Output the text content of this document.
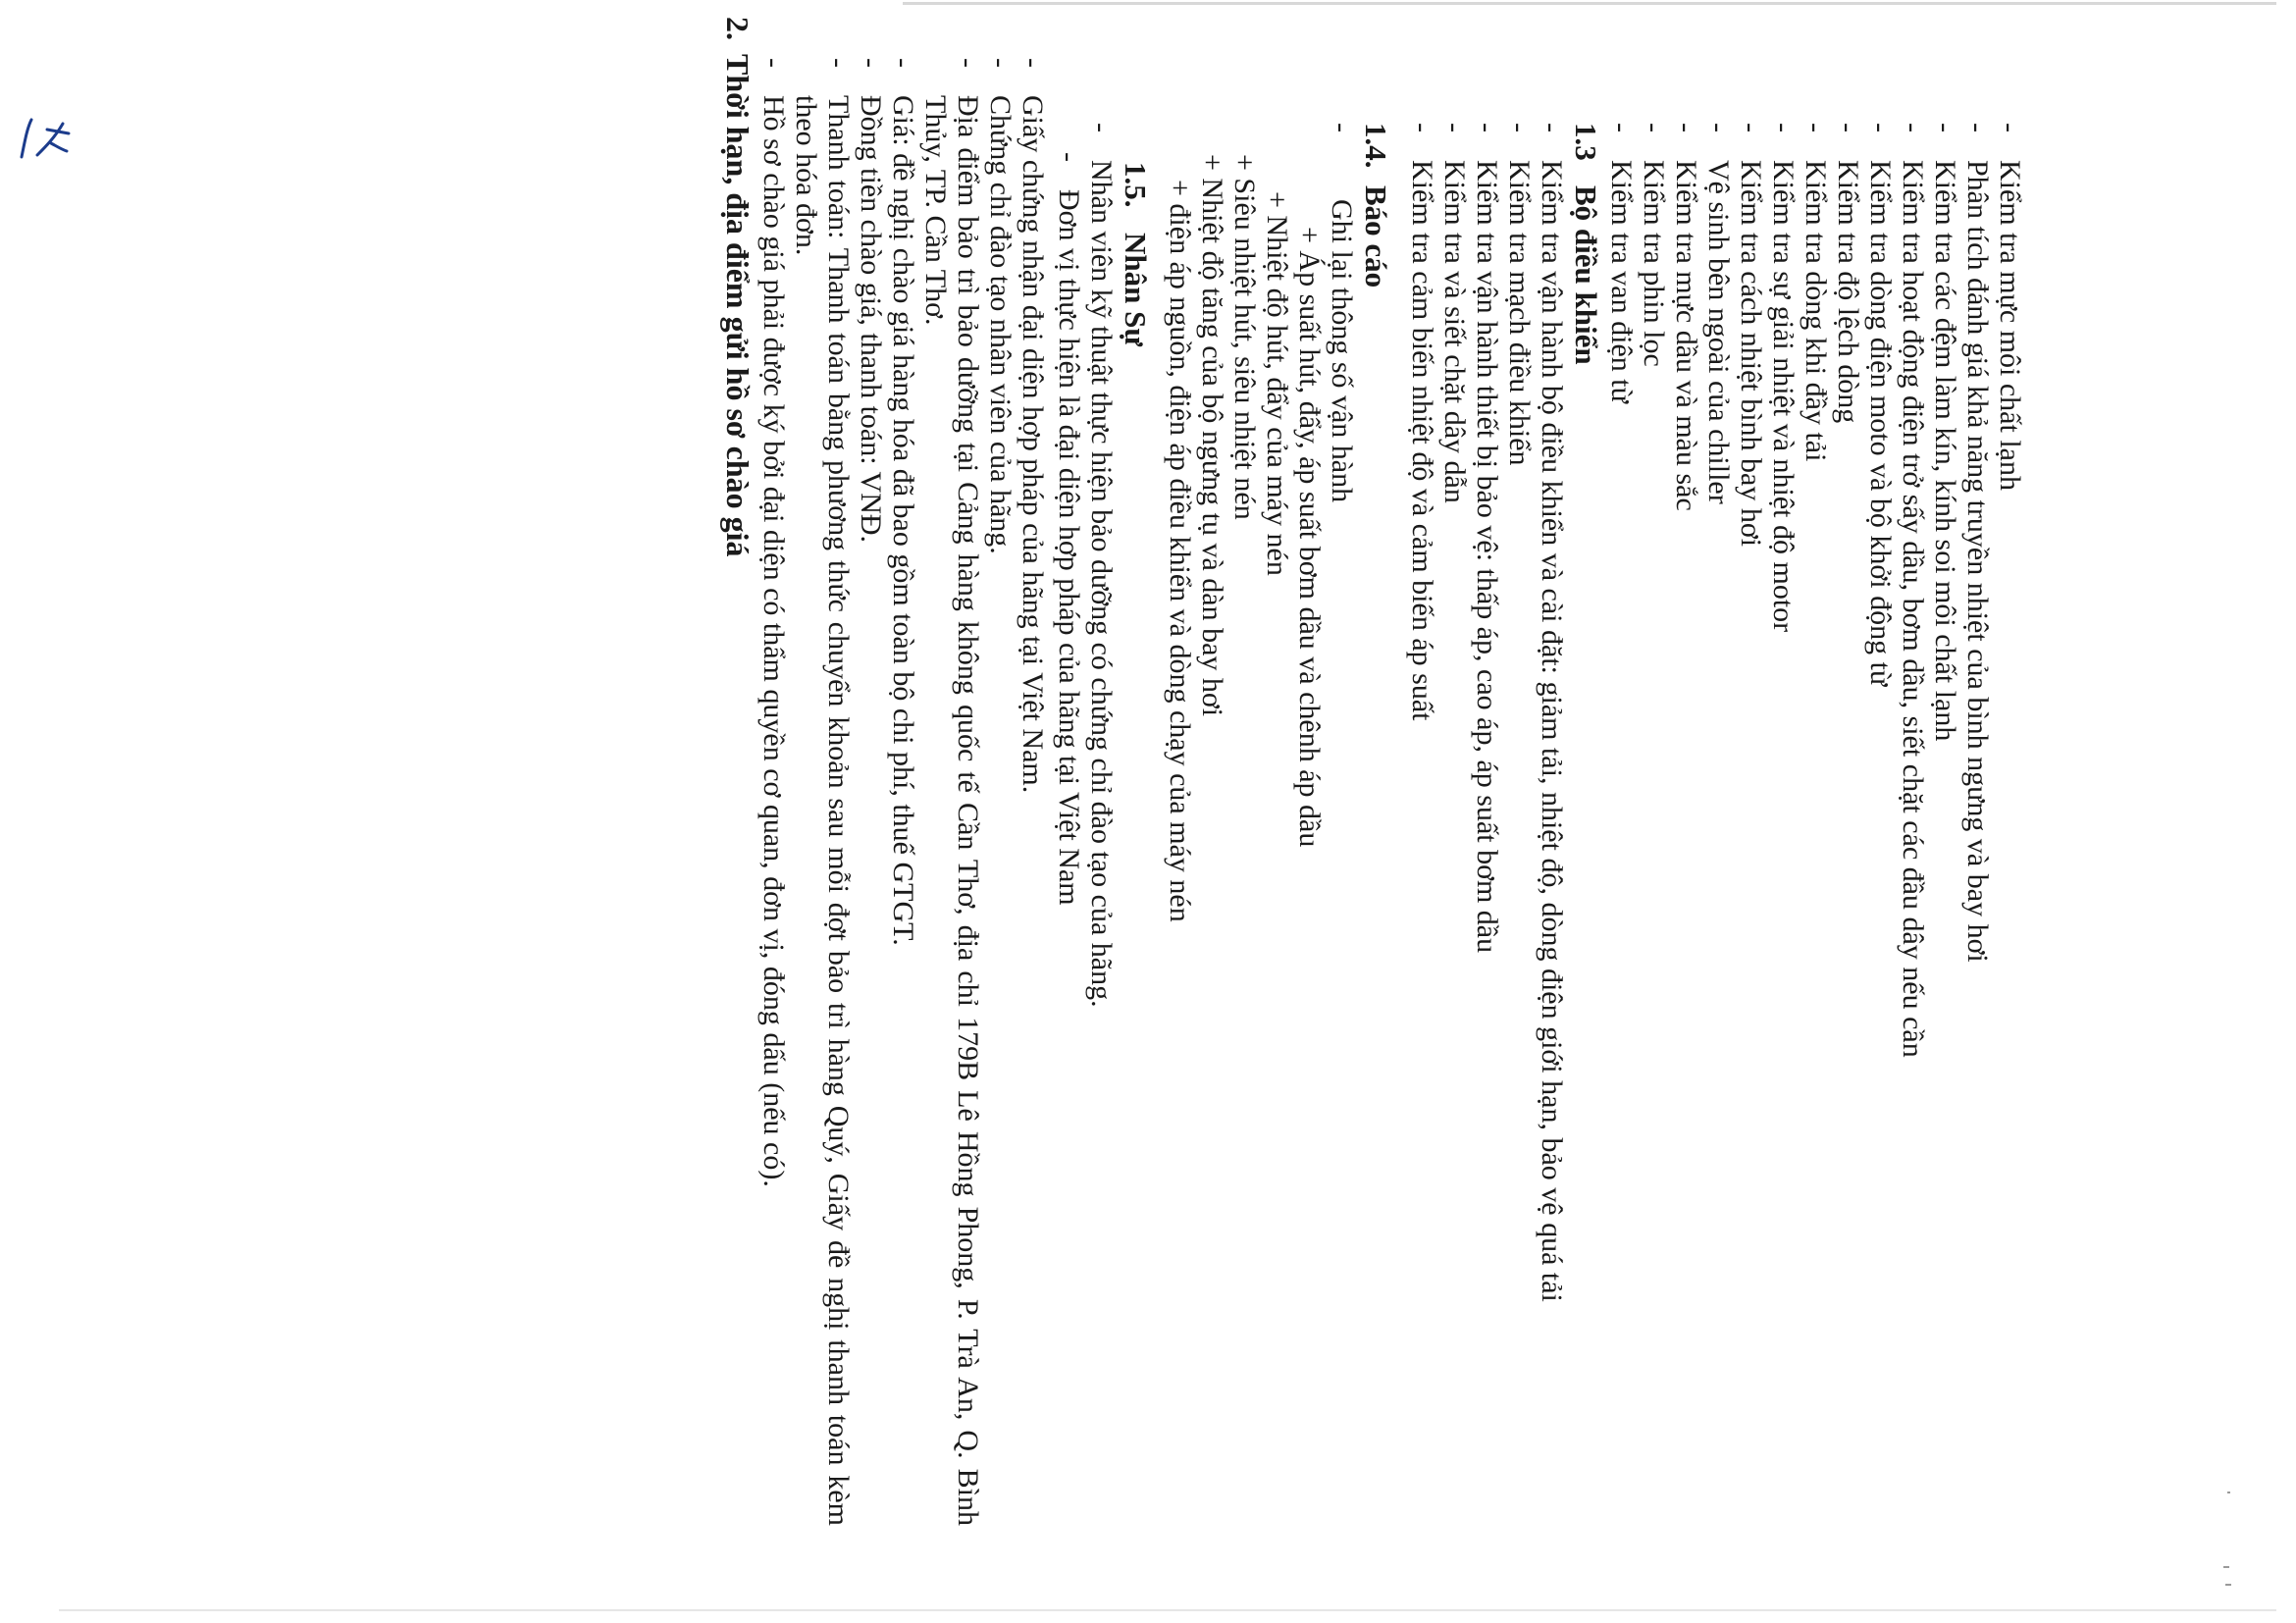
-
Kiểm tra mực môi chất lạnh
-
Phân tích đánh giá khả năng truyền nhiệt của bình ngưng và bay hơi
-
Kiểm tra các đệm làm kín, kính soi môi chất lạnh
-
Kiểm tra hoạt động điện trở sấy dầu, bơm dầu, siết chặt các đầu dây nếu cần
-
Kiểm tra dòng điện moto và bộ khởi động từ
-
Kiểm tra độ lệch dòng
-
Kiểm tra dòng khi đầy tải
-
Kiểm tra sự giải nhiệt và nhiệt độ motor
-
Kiểm tra cách nhiệt bình bay hơi
-
Vệ sinh bên ngoài của chiller
-
Kiểm tra mực dầu và màu sắc
-
Kiểm tra phin lọc
-
Kiểm tra van điện từ
1.3Bộ điều khiển
-
Kiểm tra vận hành bộ điều khiển và cài đặt: giảm tải, nhiệt độ, dòng điện giới hạn, bảo vệ quá tải
-
Kiểm tra mạch điều khiển
-
Kiểm tra vận hành thiết bị bảo vệ: thấp áp, cao áp, áp suất bơm dầu
-
Kiểm tra và siết chặt dây dẫn
-
Kiểm tra cảm biến nhiệt độ và cảm biến áp suất
1.4.Báo cáo
-
Ghi lại thông số vận hành
+ Áp suất hút, đẩy, áp suất bơm dầu và chênh áp dầu
+ Nhiệt độ hút, đẩy của máy nén
+ Siêu nhiệt hút, siêu nhiệt nén
+ Nhiệt độ tăng của bộ ngưng tụ và dàn bay hơi
+ điện áp nguồn, điện áp điều khiển và dòng chạy của máy nén
1.5.Nhân Sự
-
Nhân viên kỹ thuật thực hiện bảo dưỡng có chứng chỉ đào tạo của hãng.
-
Đơn vị thực hiện là đại diện hợp pháp của hãng tại Việt Nam
-
Giấy chứng nhận đại diện hợp pháp của hãng tại Việt Nam.
-
Chứng chỉ đào tạo nhân viên của hãng.
-
Địa điểm bảo trì bảo dưỡng tại Cảng hàng không quốc tế Cần Thơ, địa chỉ 179B Lê Hồng Phong, P. Trà An, Q. Bình Thủy, TP. Cần Thơ.
-
Giá: đề nghị chào giá hàng hóa đã bao gồm toàn bộ chi phí, thuế GTGT.
-
Đồng tiền chào giá, thanh toán: VNĐ.
-
Thanh toán: Thanh toán bằng phương thức chuyển khoản sau mỗi đợt bảo trì hàng Quý, Giấy đề nghị thanh toán kèm theo hóa đơn.
-
Hồ sơ chào giá phải được ký bởi đại diện có thẩm quyền cơ quan, đơn vị, đóng dấu (nếu có).
2.Thời hạn, địa điểm gửi hồ sơ chào giá
